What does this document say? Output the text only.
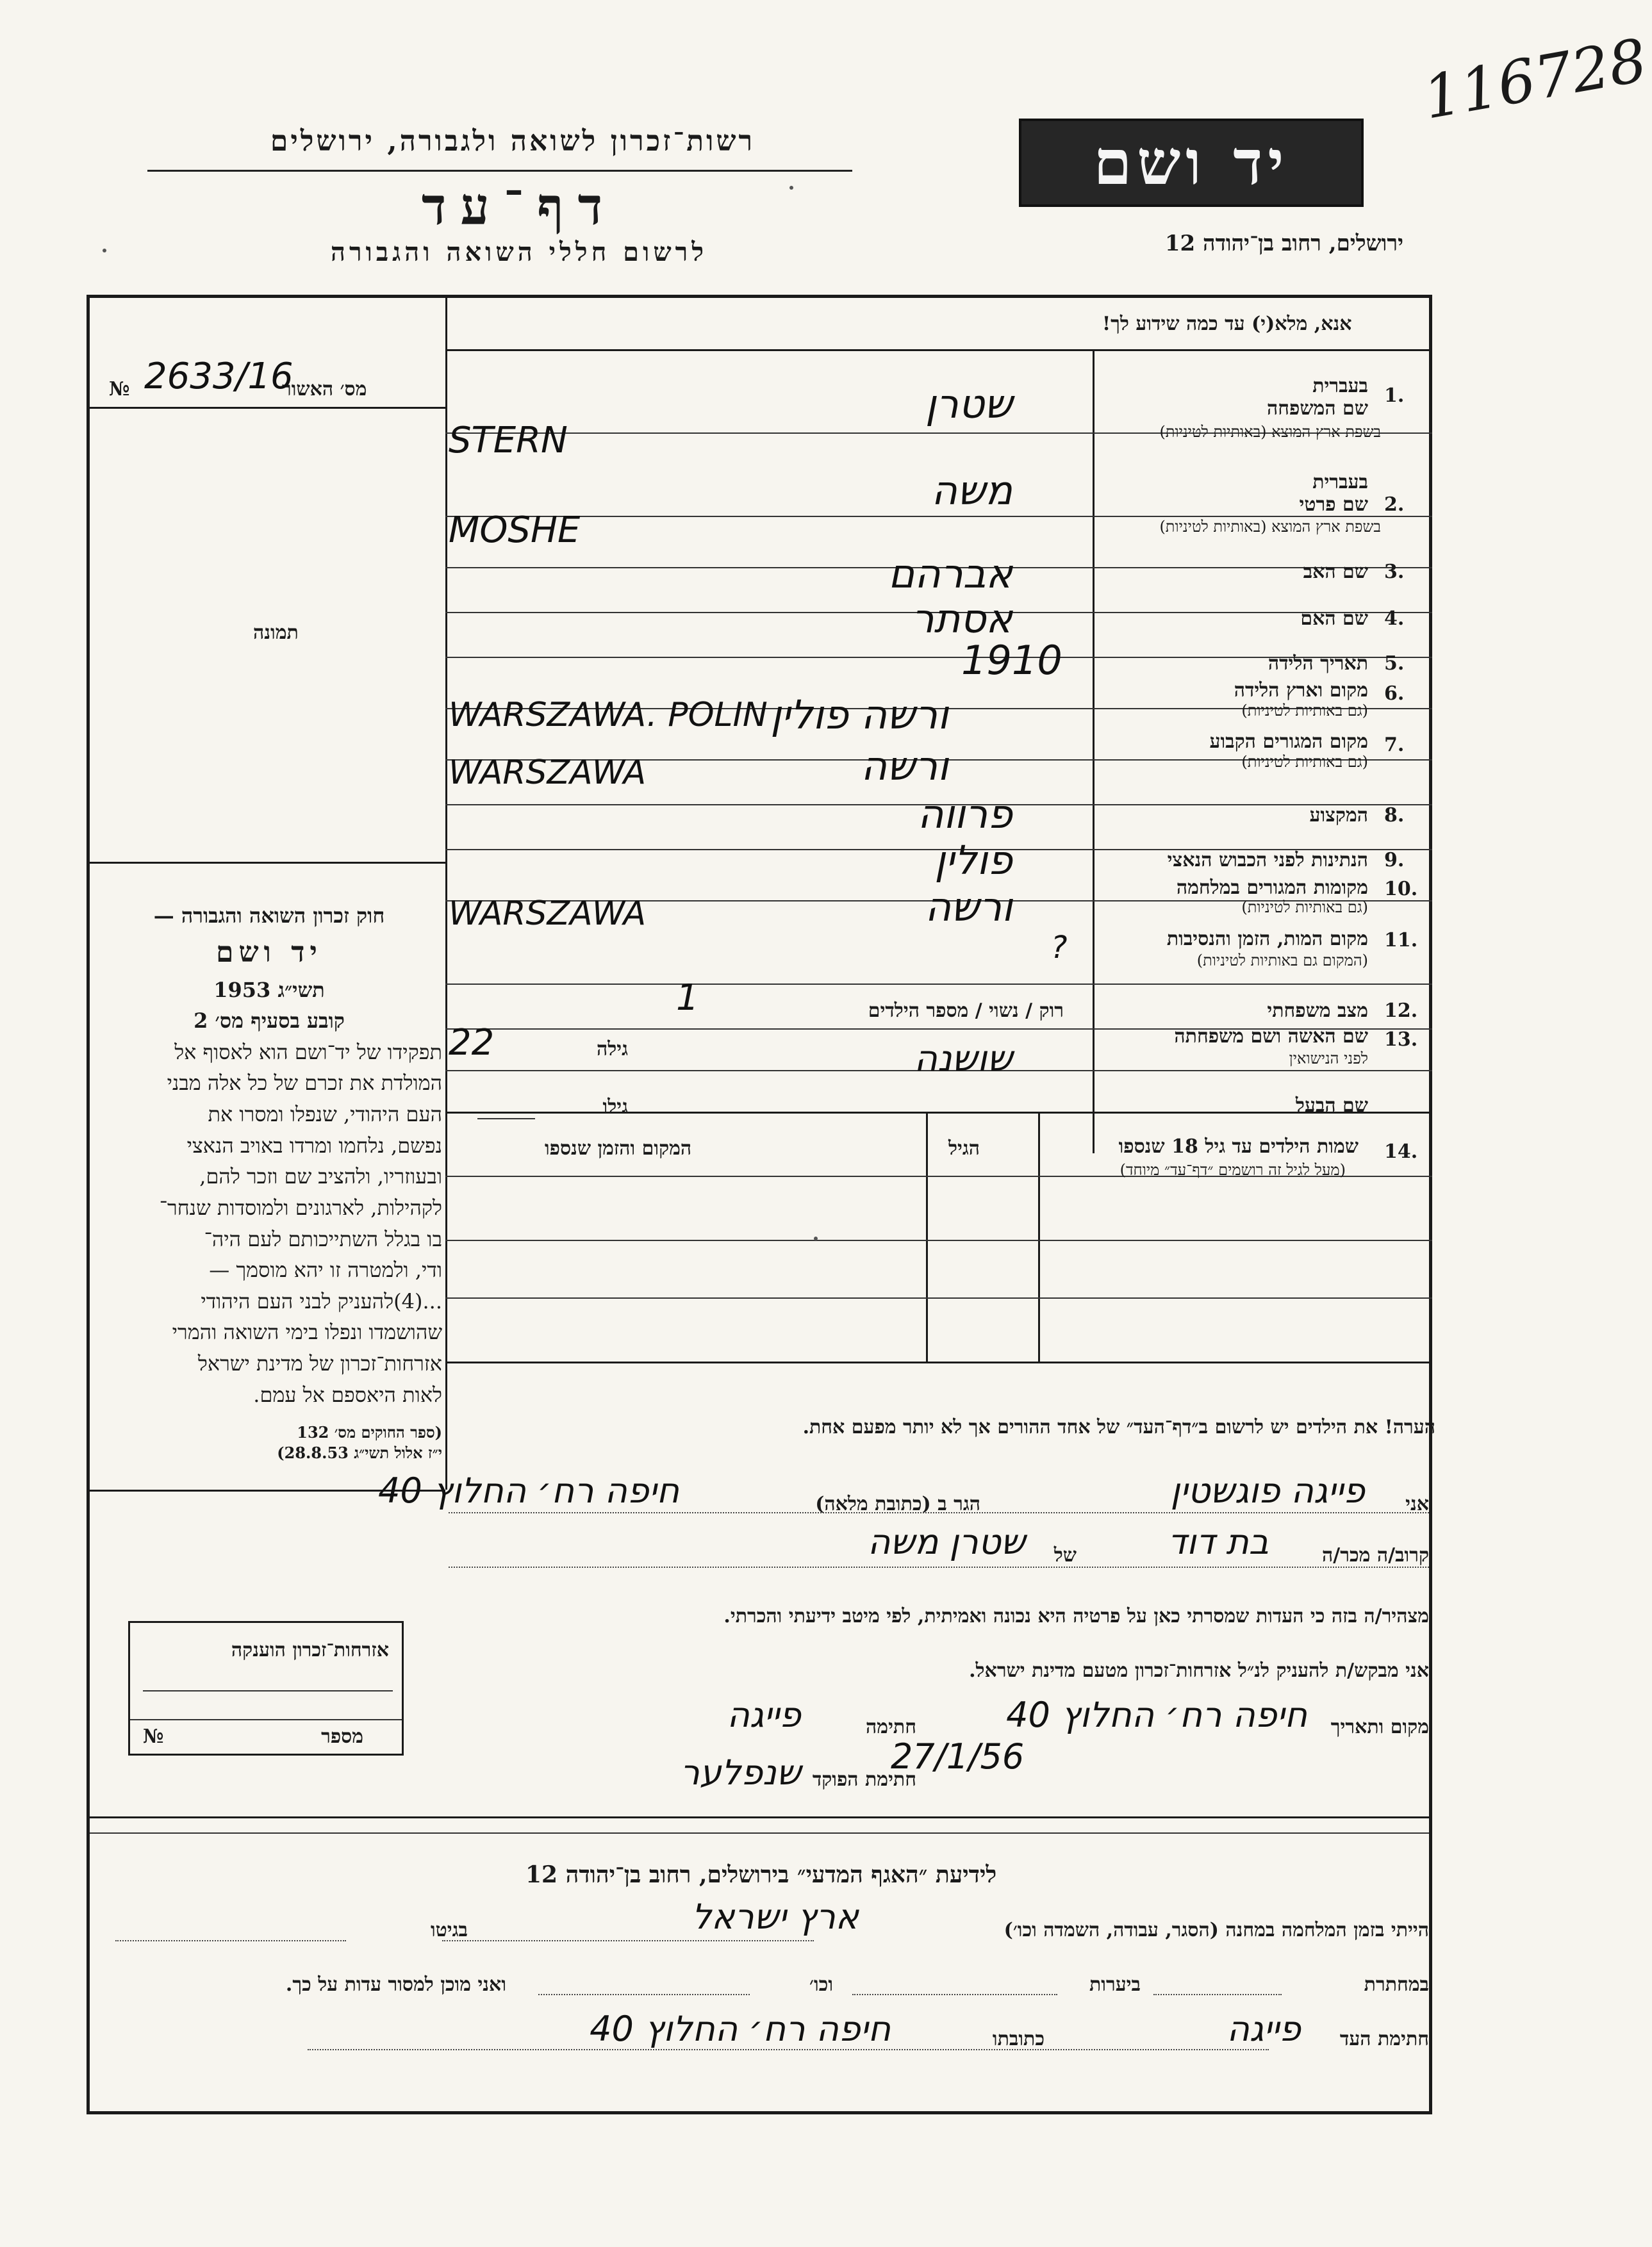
116728
יד ושם
ירושלים, רחוב בן־יהודה 12
רשות־זכרון לשואה ולגבורה, ירושלים
דף־עד
לרשום חללי השואה והגבורה
אנא, מלא(י) עד כמה שידוע לך!
מס׳ האשור
№ 2633/16
תמונה
1.
2.
3.
4.
5.
6.
7.
8.
9.
10.
11.
12.
13.
14.
בעברית
שם המשפחה
בשפת ארץ המוצא (באותיות לטיניות)
בעברית
שם פרטי
בשפת ארץ המוצא (באותיות לטיניות)
שם האב
שם האם
תאריך הלידה
מקום וארץ הלידה
(גם באותיות לטיניות)
מקום המגורים הקבוע
(גם באותיות לטיניות)
המקצוע
הנתינות לפני הכבוש הנאצי
מקומות המגורים במלחמה
(גם באותיות לטיניות)
מקום המות, הזמן והנסיבות
(המקום גם באותיות לטיניות)
מצב משפחתי
שם האשה ושם משפחתה
לפני הנישואין
שם הבעל
שטרן
STERN
משה
MOSHE
אברהם
אסתר
1910
ורשה פולין
WARSZAWA. POLIN
ורשה
WARSZAWA
פרווה
פולין
ורשה
WARSZAWA
?
רוק / נשוי / מספר הילדים
1
גילה
22	שושנה
גילו
שמות הילדים עד גיל 18 שנספו
(מעל לגיל זה רושמים ״דף־עד״ מיוחד)
הגיל
המקום והזמן שנספו
חוק זכרון השואה והגבורה —
יד ושם
תשי״ג 1953
קובע בסעיף מס׳ 2
תפקידו של יד־ושם הוא לאסוף אל
המולדת את זכרם של כל אלה מבני
העם היהודי, שנפלו ומסרו את
נפשם, נלחמו ומרדו באויב הנאצי
ובעוזריו, ולהציב שם וזכר להם,
לקהילות, לארגונים ולמוסדות שנחר־
בו בגלל השתייכותם לעם היה־
ודי, ולמטרה זו יהא מוסמך —
...(4)להעניק לבני העם היהודי
שהושמדו ונפלו בימי השואה והמרי
אזרחות־זכרון של מדינת ישראל
לאות היאספם אל עמם.
(ספר החוקים מס׳ 132
י״ז אלול תשי״ג 28.8.53)
הערה! את הילדים יש לרשום ב״דף־העד״ של אחד ההורים אך לא יותר מפעם אחת.
אני
פייגה פוגשטין
הגר ב (כתובת מלאה)
חיפה רח׳ החלוץ 40
קרוב/ה מכר/ה
בת דוד
של
שטרן משה
מצהיר/ה בזה כי העדות שמסרתי כאן על פרטיה היא נכונה ואמיתית, לפי מיטב ידיעתי והכרתי.
אני מבקש/ת להעניק לנ״ל אזרחות־זכרון מטעם מדינת ישראל.
מקום ותאריך
חיפה רח׳ החלוץ 40
27/1/56
חתימה
פייגה
חתימת הפוקד
שנפלער
אזרחות־זכרון הוענקה
מספר
№
לידיעת ״האגף המדעי״ בירושלים, רחוב בן־יהודה 12
הייתי בזמן המלחמה במחנה (הסגר, עבודה, השמדה וכו׳)
ארץ ישראל
בגיטו
במחתרת
ביערות
וכו׳
ואני מוכן למסור עדות על כך.
חתימת העד
פייגה
כתובתו
חיפה רח׳ החלוץ 40
